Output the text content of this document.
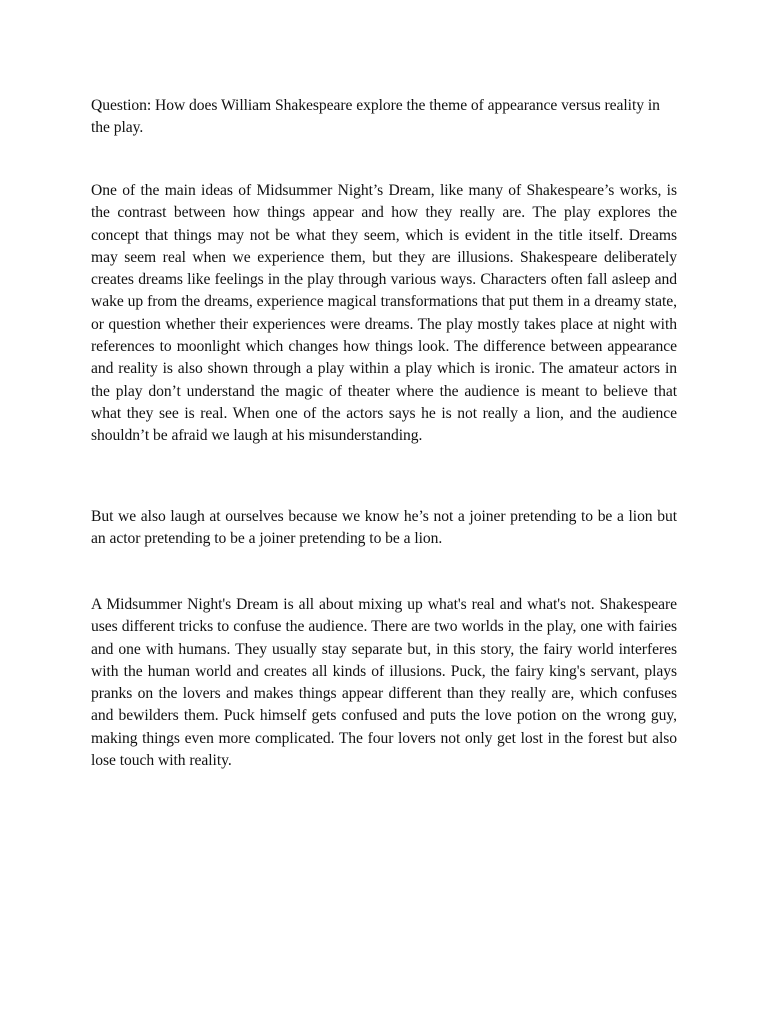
Question: How does William Shakespeare explore the theme of appearance versus reality in the play.

One of the main ideas of Midsummer Night’s Dream, like many of Shakespeare’s works, is the contrast between how things appear and how they really are. The play explores the concept that things may not be what they seem, which is evident in the title itself. Dreams may seem real when we experience them, but they are illusions. Shakespeare deliberately creates dreams like feelings in the play through various ways. Characters often fall asleep and wake up from the dreams, experience magical transformations that put them in a dreamy state, or question whether their experiences were dreams. The play mostly takes place at night with references to moonlight which changes how things look. The difference between appearance and reality is also shown through a play within a play which is ironic. The amateur actors in the play don’t understand the magic of theater where the audience is meant to believe that what they see is real. When one of the actors says he is not really a lion, and the audience shouldn’t be afraid we laugh at his misunderstanding.

But we also laugh at ourselves because we know he’s not a joiner pretending to be a lion but an actor pretending to be a joiner pretending to be a lion.

A Midsummer Night's Dream is all about mixing up what's real and what's not. Shakespeare uses different tricks to confuse the audience. There are two worlds in the play, one with fairies and one with humans. They usually stay separate but, in this story, the fairy world interferes with the human world and creates all kinds of illusions. Puck, the fairy king's servant, plays pranks on the lovers and makes things appear different than they really are, which confuses and bewilders them. Puck himself gets confused and puts the love potion on the wrong guy, making things even more complicated. The four lovers not only get lost in the forest but also lose touch with reality.
